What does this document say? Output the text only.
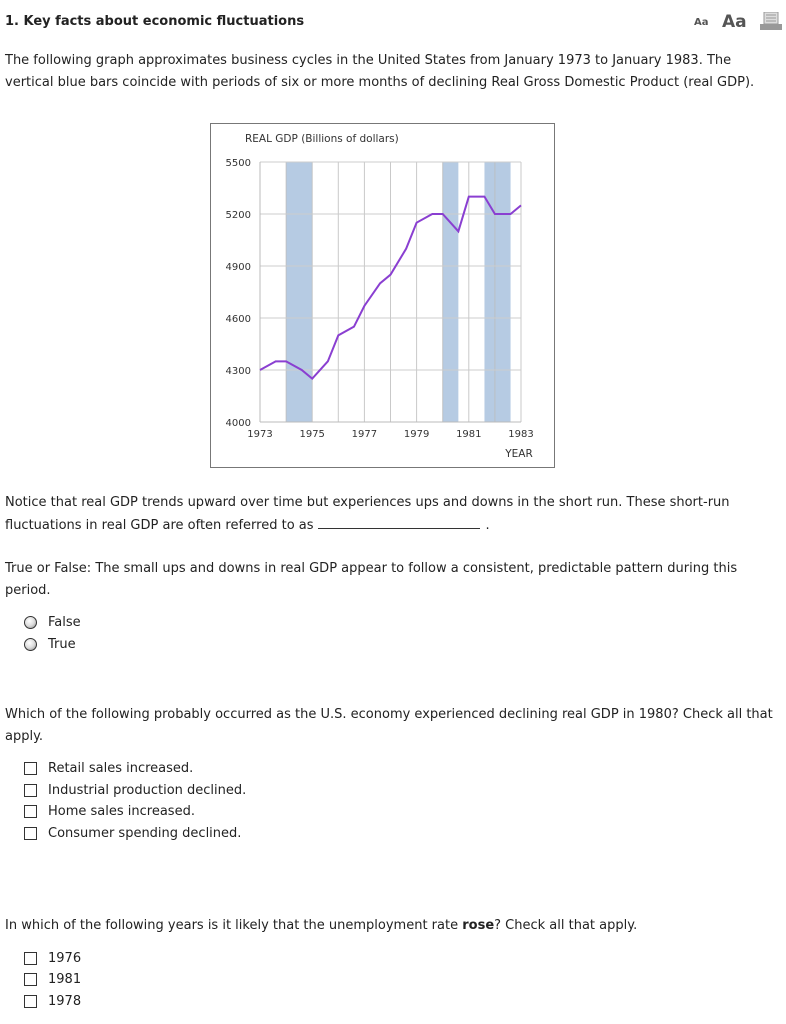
1. Key facts about economic fluctuations	Aa Aa

The following graph approximates business cycles in the United States from January 1973 to January 1983. The vertical blue bars coincide with periods of six or more months of declining Real Gross Domestic Product (real GDP).

5500
5200
4900
4600
4300
4000
1973	1975	1977	1979	1981	1983
REAL GDP (Billions of dollars)
YEAR

Notice that real GDP trends upward over time but experiences ups and downs in the short run. These short-run fluctuations in real GDP are often referred to as	.

True or False: The small ups and downs in real GDP appear to follow a consistent, predictable pattern during this period.

False
True

Which of the following probably occurred as the U.S. economy experienced declining real GDP in 1980? Check all that apply.

Retail sales increased.
Industrial production declined.
Home sales increased.
Consumer spending declined.

In which of the following years is it likely that the unemployment rate rose? Check all that apply.

1976
1981
1978
